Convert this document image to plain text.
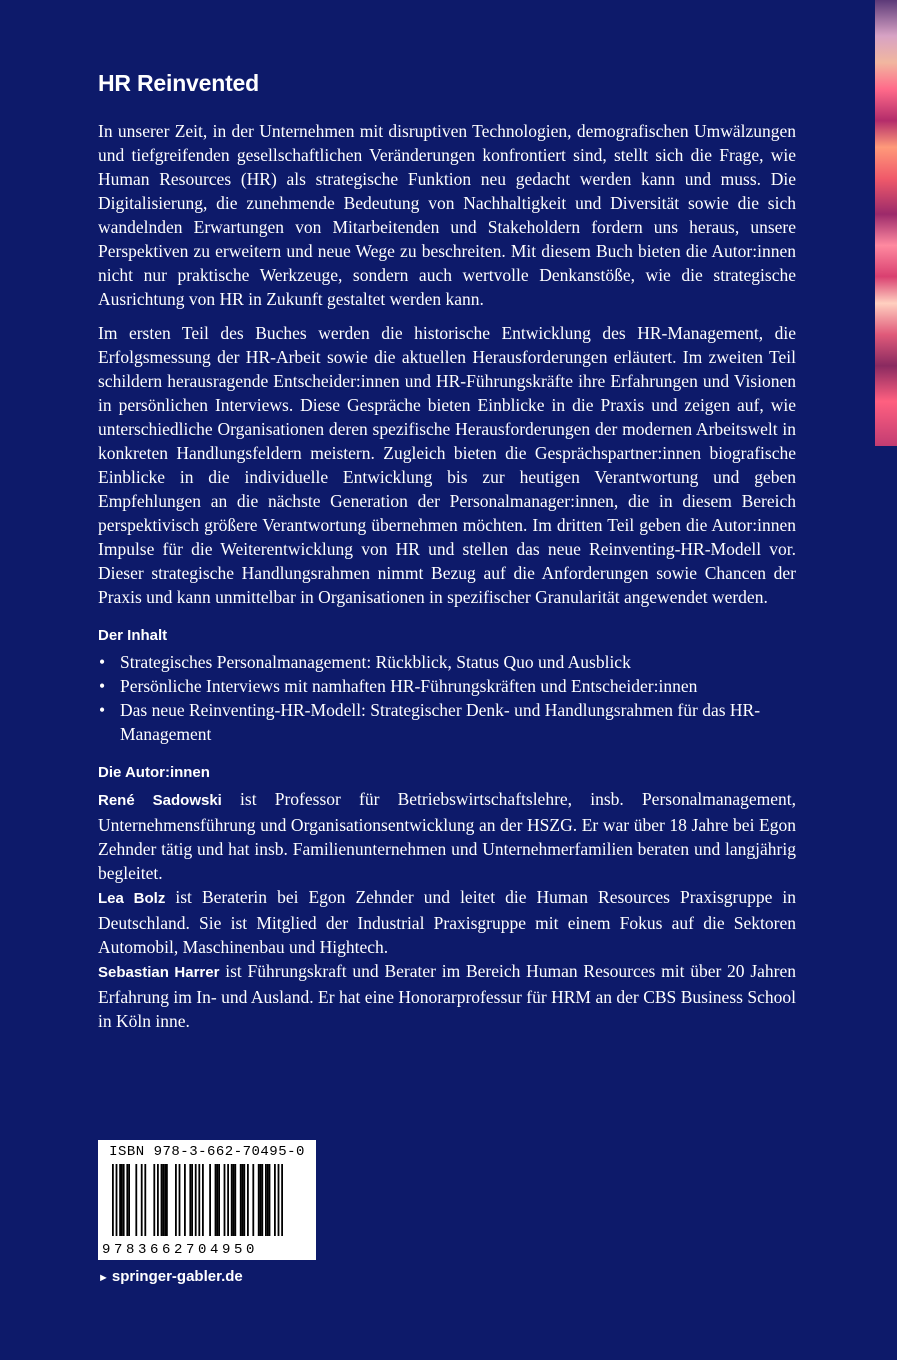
HR Reinvented

In unserer Zeit, in der Unternehmen mit disruptiven Technologien, demografischen Umwälzungen und tiefgreifenden gesellschaftlichen Veränderungen konfrontiert sind, stellt sich die Frage, wie Human Resources (HR) als strategische Funktion neu gedacht werden kann und muss. Die Digitalisierung, die zunehmende Bedeutung von Nachhaltigkeit und Diversität sowie die sich wandelnden Erwartungen von Mitarbeitenden und Stakeholdern fordern uns heraus, unsere Perspektiven zu erweitern und neue Wege zu beschreiten. Mit diesem Buch bieten die Autor:innen nicht nur praktische Werkzeuge, sondern auch wertvolle Denkanstöße, wie die strategische Ausrichtung von HR in Zukunft gestaltet werden kann.

Im ersten Teil des Buches werden die historische Entwicklung des HR-Management, die Erfolgsmessung der HR-Arbeit sowie die aktuellen Herausforderungen erläutert. Im zweiten Teil schildern herausragende Entscheider:innen und HR-Führungskräfte ihre Erfahrungen und Visionen in persönlichen Interviews. Diese Gespräche bieten Einblicke in die Praxis und zeigen auf, wie unterschiedliche Organisationen deren spezifische Herausforderungen der modernen Arbeitswelt in konkreten Handlungsfeldern meistern. Zugleich bieten die Gesprächspartner:innen biografische Einblicke in die individuelle Entwicklung bis zur heutigen Verantwortung und geben Empfehlungen an die nächste Generation der Personalmanager:innen, die in diesem Bereich perspektivisch größere Verantwortung übernehmen möchten. Im dritten Teil geben die Autor:innen Impulse für die Weiterentwicklung von HR und stellen das neue Reinventing-HR-Modell vor. Dieser strategische Handlungsrahmen nimmt Bezug auf die Anforderungen sowie Chancen der Praxis und kann unmittelbar in Organisationen in spezifischer Granularität angewendet werden.

Der Inhalt
• Strategisches Personalmanagement: Rückblick, Status Quo und Ausblick
• Persönliche Interviews mit namhaften HR-Führungskräften und Entscheider:innen
• Das neue Reinventing-HR-Modell: Strategischer Denk- und Handlungsrahmen für das HR-Management
Die Autor:innen

René Sadowski ist Professor für Betriebswirtschaftslehre, insb. Personalmanagement, Unternehmensführung und Organisationsentwicklung an der HSZG. Er war über 18 Jahre bei Egon Zehnder tätig und hat insb. Familienunternehmen und Unternehmerfamilien beraten und langjährig begleitet.

Lea Bolz ist Beraterin bei Egon Zehnder und leitet die Human Resources Praxisgruppe in Deutschland. Sie ist Mitglied der Industrial Praxisgruppe mit einem Fokus auf die Sektoren Automobil, Maschinenbau und Hightech.

Sebastian Harrer ist Führungskraft und Berater im Bereich Human Resources mit über 20 Jahren Erfahrung im In- und Ausland. Er hat eine Honorarprofessur für HRM an der CBS Business School in Köln inne.

ISBN 978-3-662-70495-0
9783662704950
► springer-gabler.de
